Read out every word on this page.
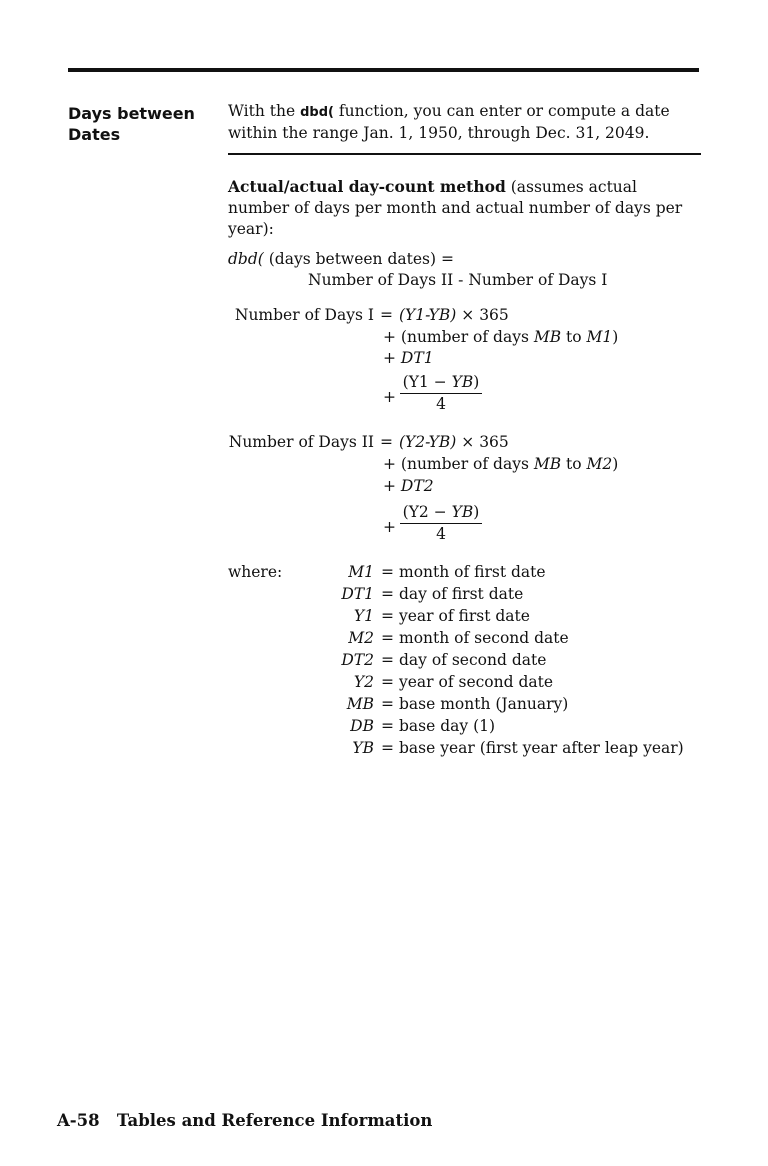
Days between
Dates
With the dbd( function, you can enter or compute a date within the range Jan. 1, 1950, through Dec. 31, 2049.
Actual/actual day-count method (assumes actual number of days per month and actual number of days per year):
dbd( (days between dates) =
Number of Days II - Number of Days I
Number of Days I = (Y1-YB) × 365
+ (number of days MB to M1)
+ DT1
+
(Y1 − YB)
4
Number of Days II = (Y2-YB) × 365
+ (number of days MB to M2)
+ DT2
+
(Y2 − YB)
4
where:	M1 = month of first date
DT1 = day of first date
Y1 = year of first date
M2 = month of second date
DT2 = day of second date
Y2 = year of second date
MB = base month (January)
DB = base day (1)
YB = base year (first year after leap year)
A-58   Tables and Reference Information
